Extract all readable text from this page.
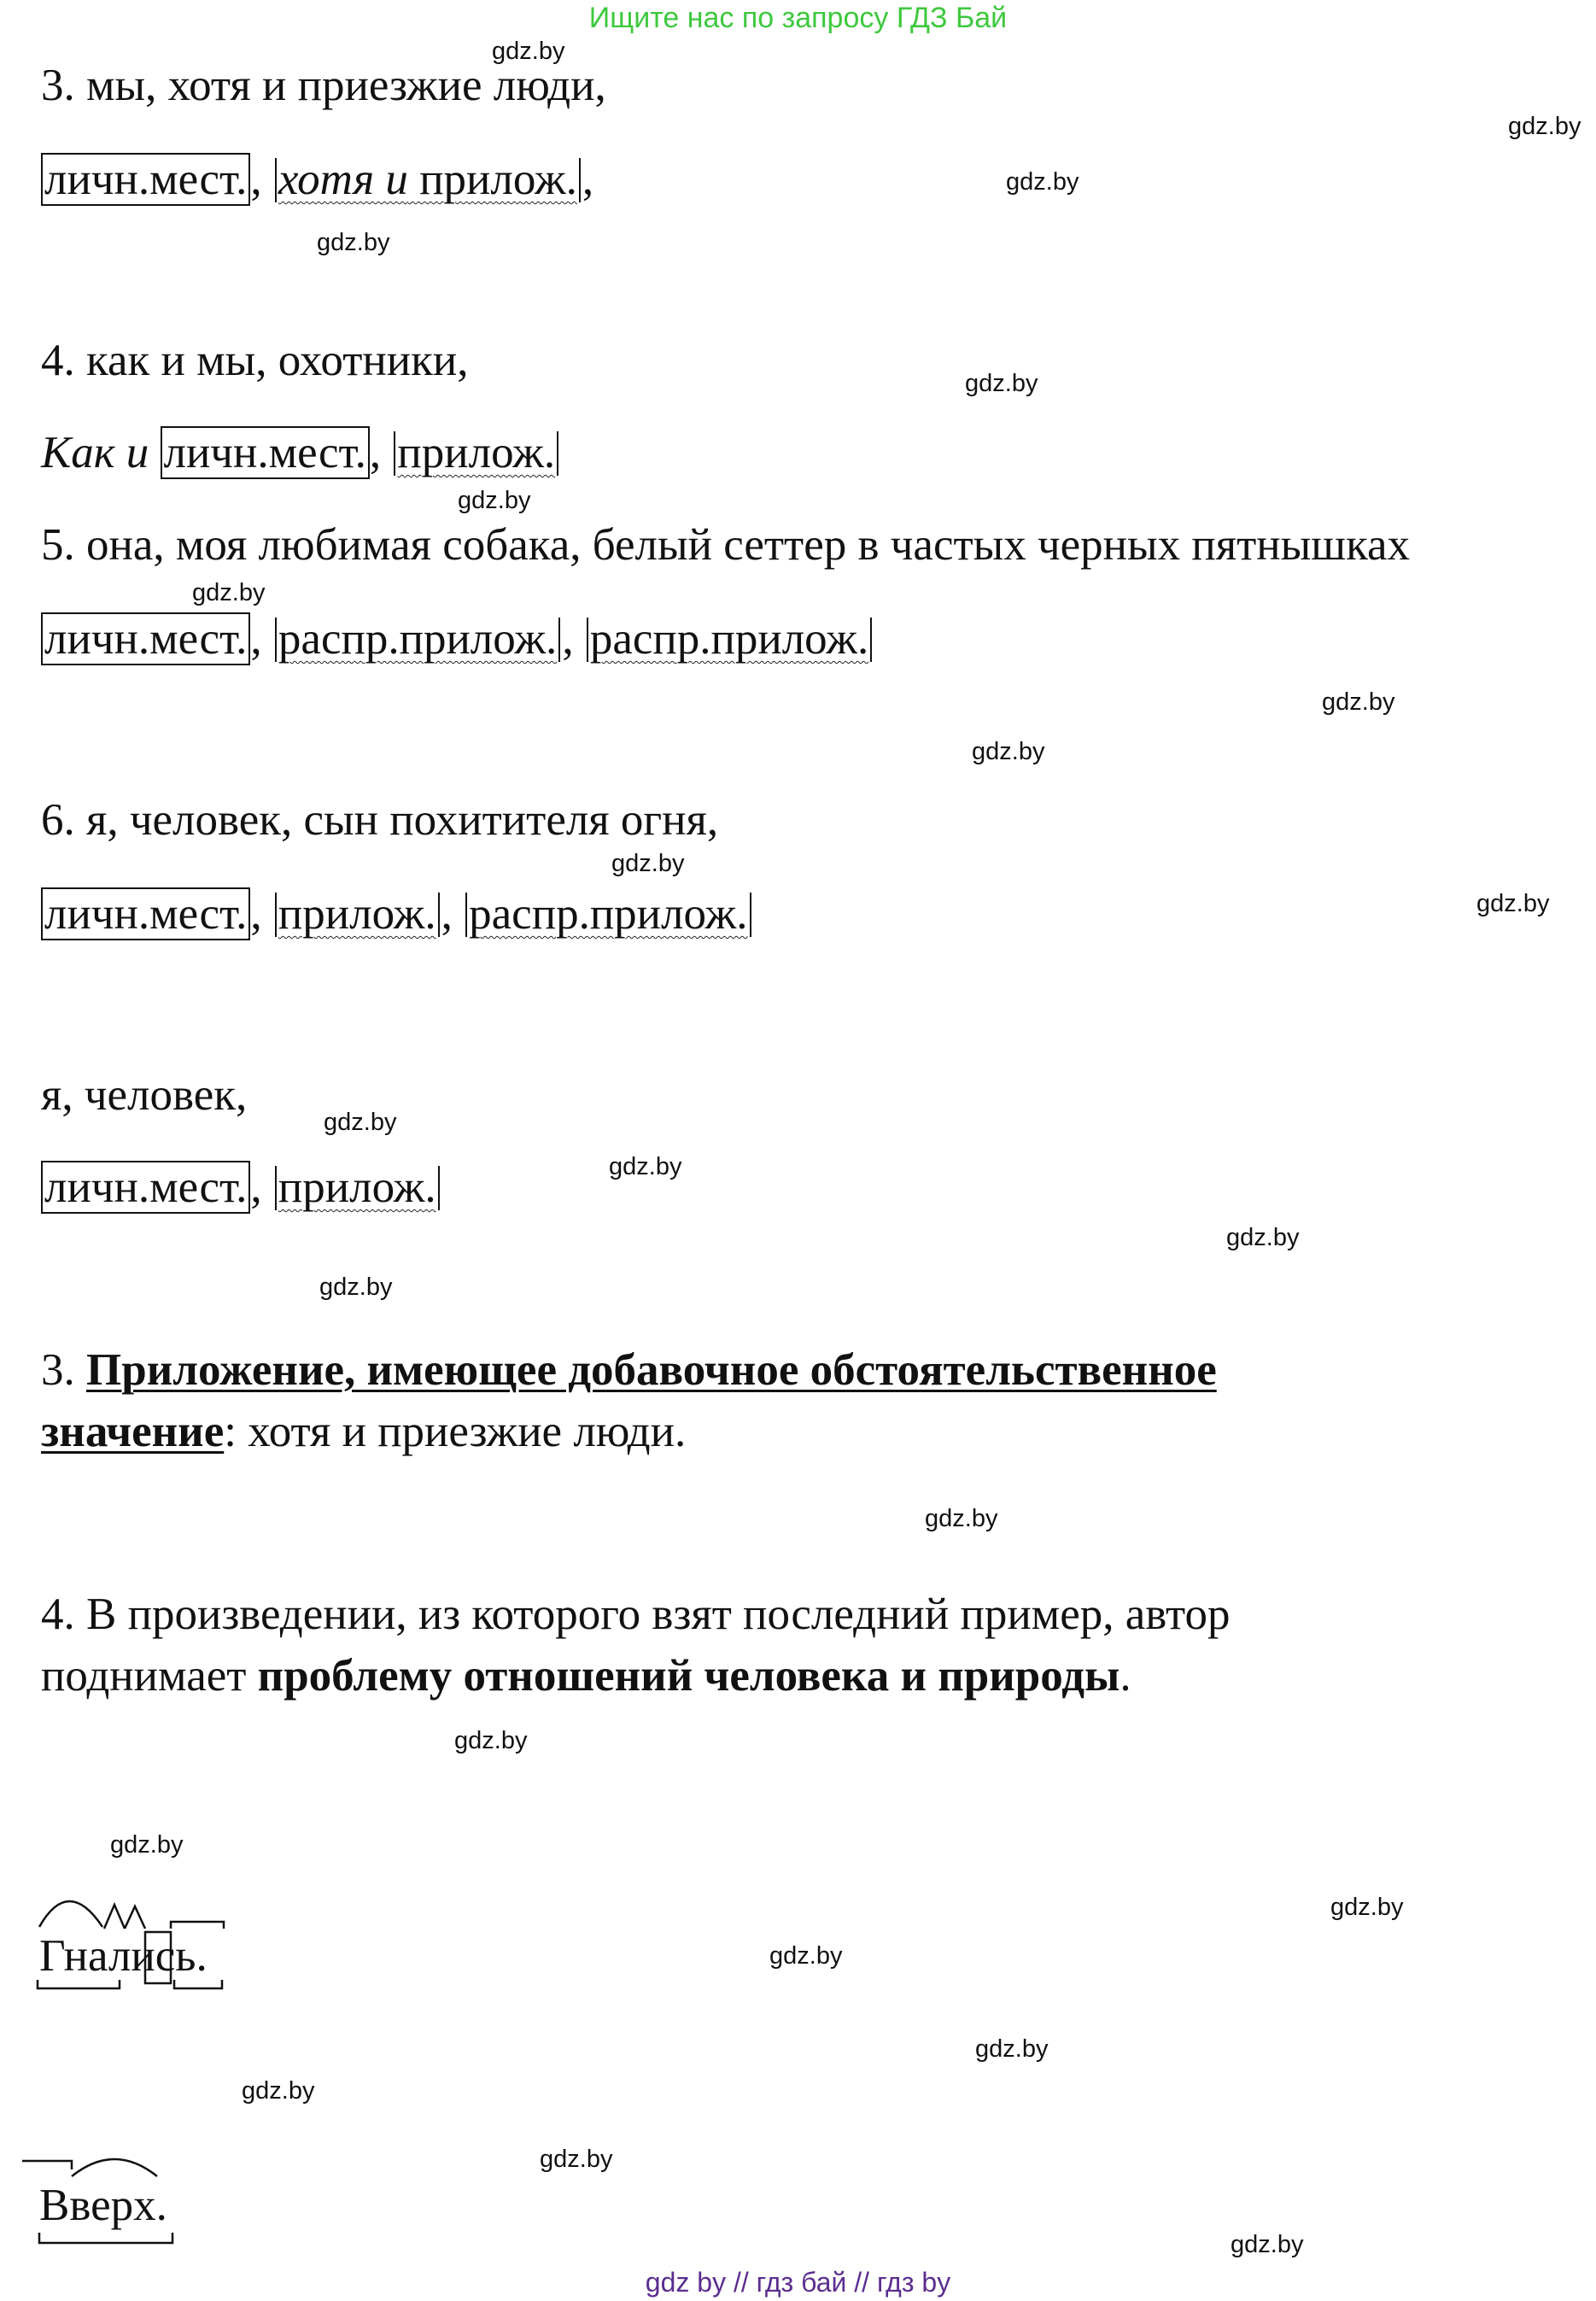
Ищите нас по запросу ГДЗ Бай
gdz.by
gdz.by
gdz.by
gdz.by
gdz.by
gdz.by
gdz.by
gdz.by
gdz.by
gdz.by
gdz.by
gdz.by
gdz.by
gdz.by
gdz.by
gdz.by
gdz.by
gdz.by
gdz.by
gdz.by
gdz.by
gdz.by
gdz.by
gdz.by
3. мы, хотя и приезжие люди,
личн.мест., хотя и прилож. ,
4. как и мы, охотники,
Как и личн.мест., прилож.
5. она, моя любимая собака, белый сеттер в частых черных пятнышках
личн.мест., распр.прилож. , распр.прилож.
6. я, человек, сын похитителя огня,
личн.мест., прилож. , распр.прилож.
я, человек,
личн.мест., прилож.
3. Приложение, имеющее добавочное обстоятельственное
значение: хотя и приезжие люди.
4. В произведении, из которого взят последний пример, автор
поднимает проблему отношений человека и природы.
Гнались.
Вверх.
gdz by // гдз бай // гдз by
